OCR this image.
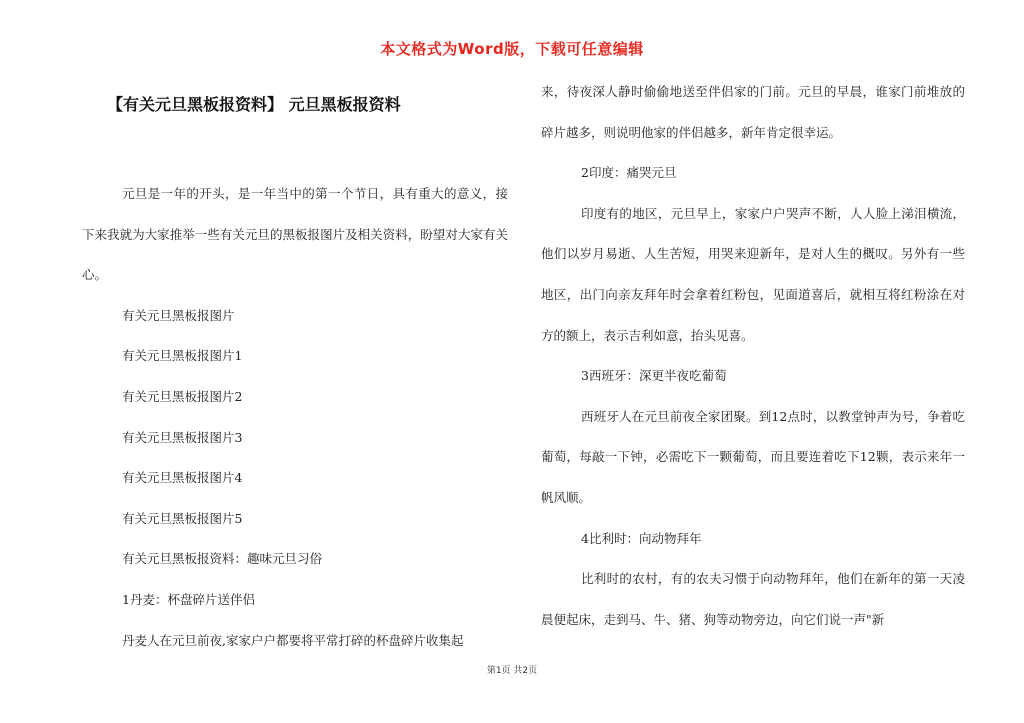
本文格式为Word版，下载可任意编辑
【有关元旦黑板报资料】 元旦黑板报资料

元旦是一年的开头，是一年当中的第一个节日，具有重大的意义，接下来我就为大家推举一些有关元旦的黑板报图片及相关资料，盼望对大家有关心。

有关元旦黑板报图片

有关元旦黑板报图片1

有关元旦黑板报图片2

有关元旦黑板报图片3

有关元旦黑板报图片4

有关元旦黑板报图片5

有关元旦黑板报资料：趣味元旦习俗

1丹麦：杯盘碎片送伴侣

丹麦人在元旦前夜,家家户户都要将平常打碎的杯盘碎片收集起

来，待夜深人静时偷偷地送至伴侣家的门前。元旦的早晨，谁家门前堆放的碎片越多，则说明他家的伴侣越多，新年肯定很幸运。

2印度：痛哭元旦

印度有的地区，元旦早上，家家户户哭声不断，人人脸上涕泪横流，他们以岁月易逝、人生苦短，用哭来迎新年，是对人生的概叹。另外有一些地区，出门向亲友拜年时会拿着红粉包，见面道喜后，就相互将红粉涂在对方的额上，表示吉利如意，抬头见喜。

3西班牙：深更半夜吃葡萄

西班牙人在元旦前夜全家团聚。到12点时，以教堂钟声为号，争着吃葡萄，每敲一下钟，必需吃下一颗葡萄，而且要连着吃下12颗，表示来年一帆风顺。

4比利时：向动物拜年

比利时的农村，有的农夫习惯于向动物拜年，他们在新年的第一天凌晨便起床，走到马、牛、猪、狗等动物旁边，向它们说一声"新

第1页 共2页
